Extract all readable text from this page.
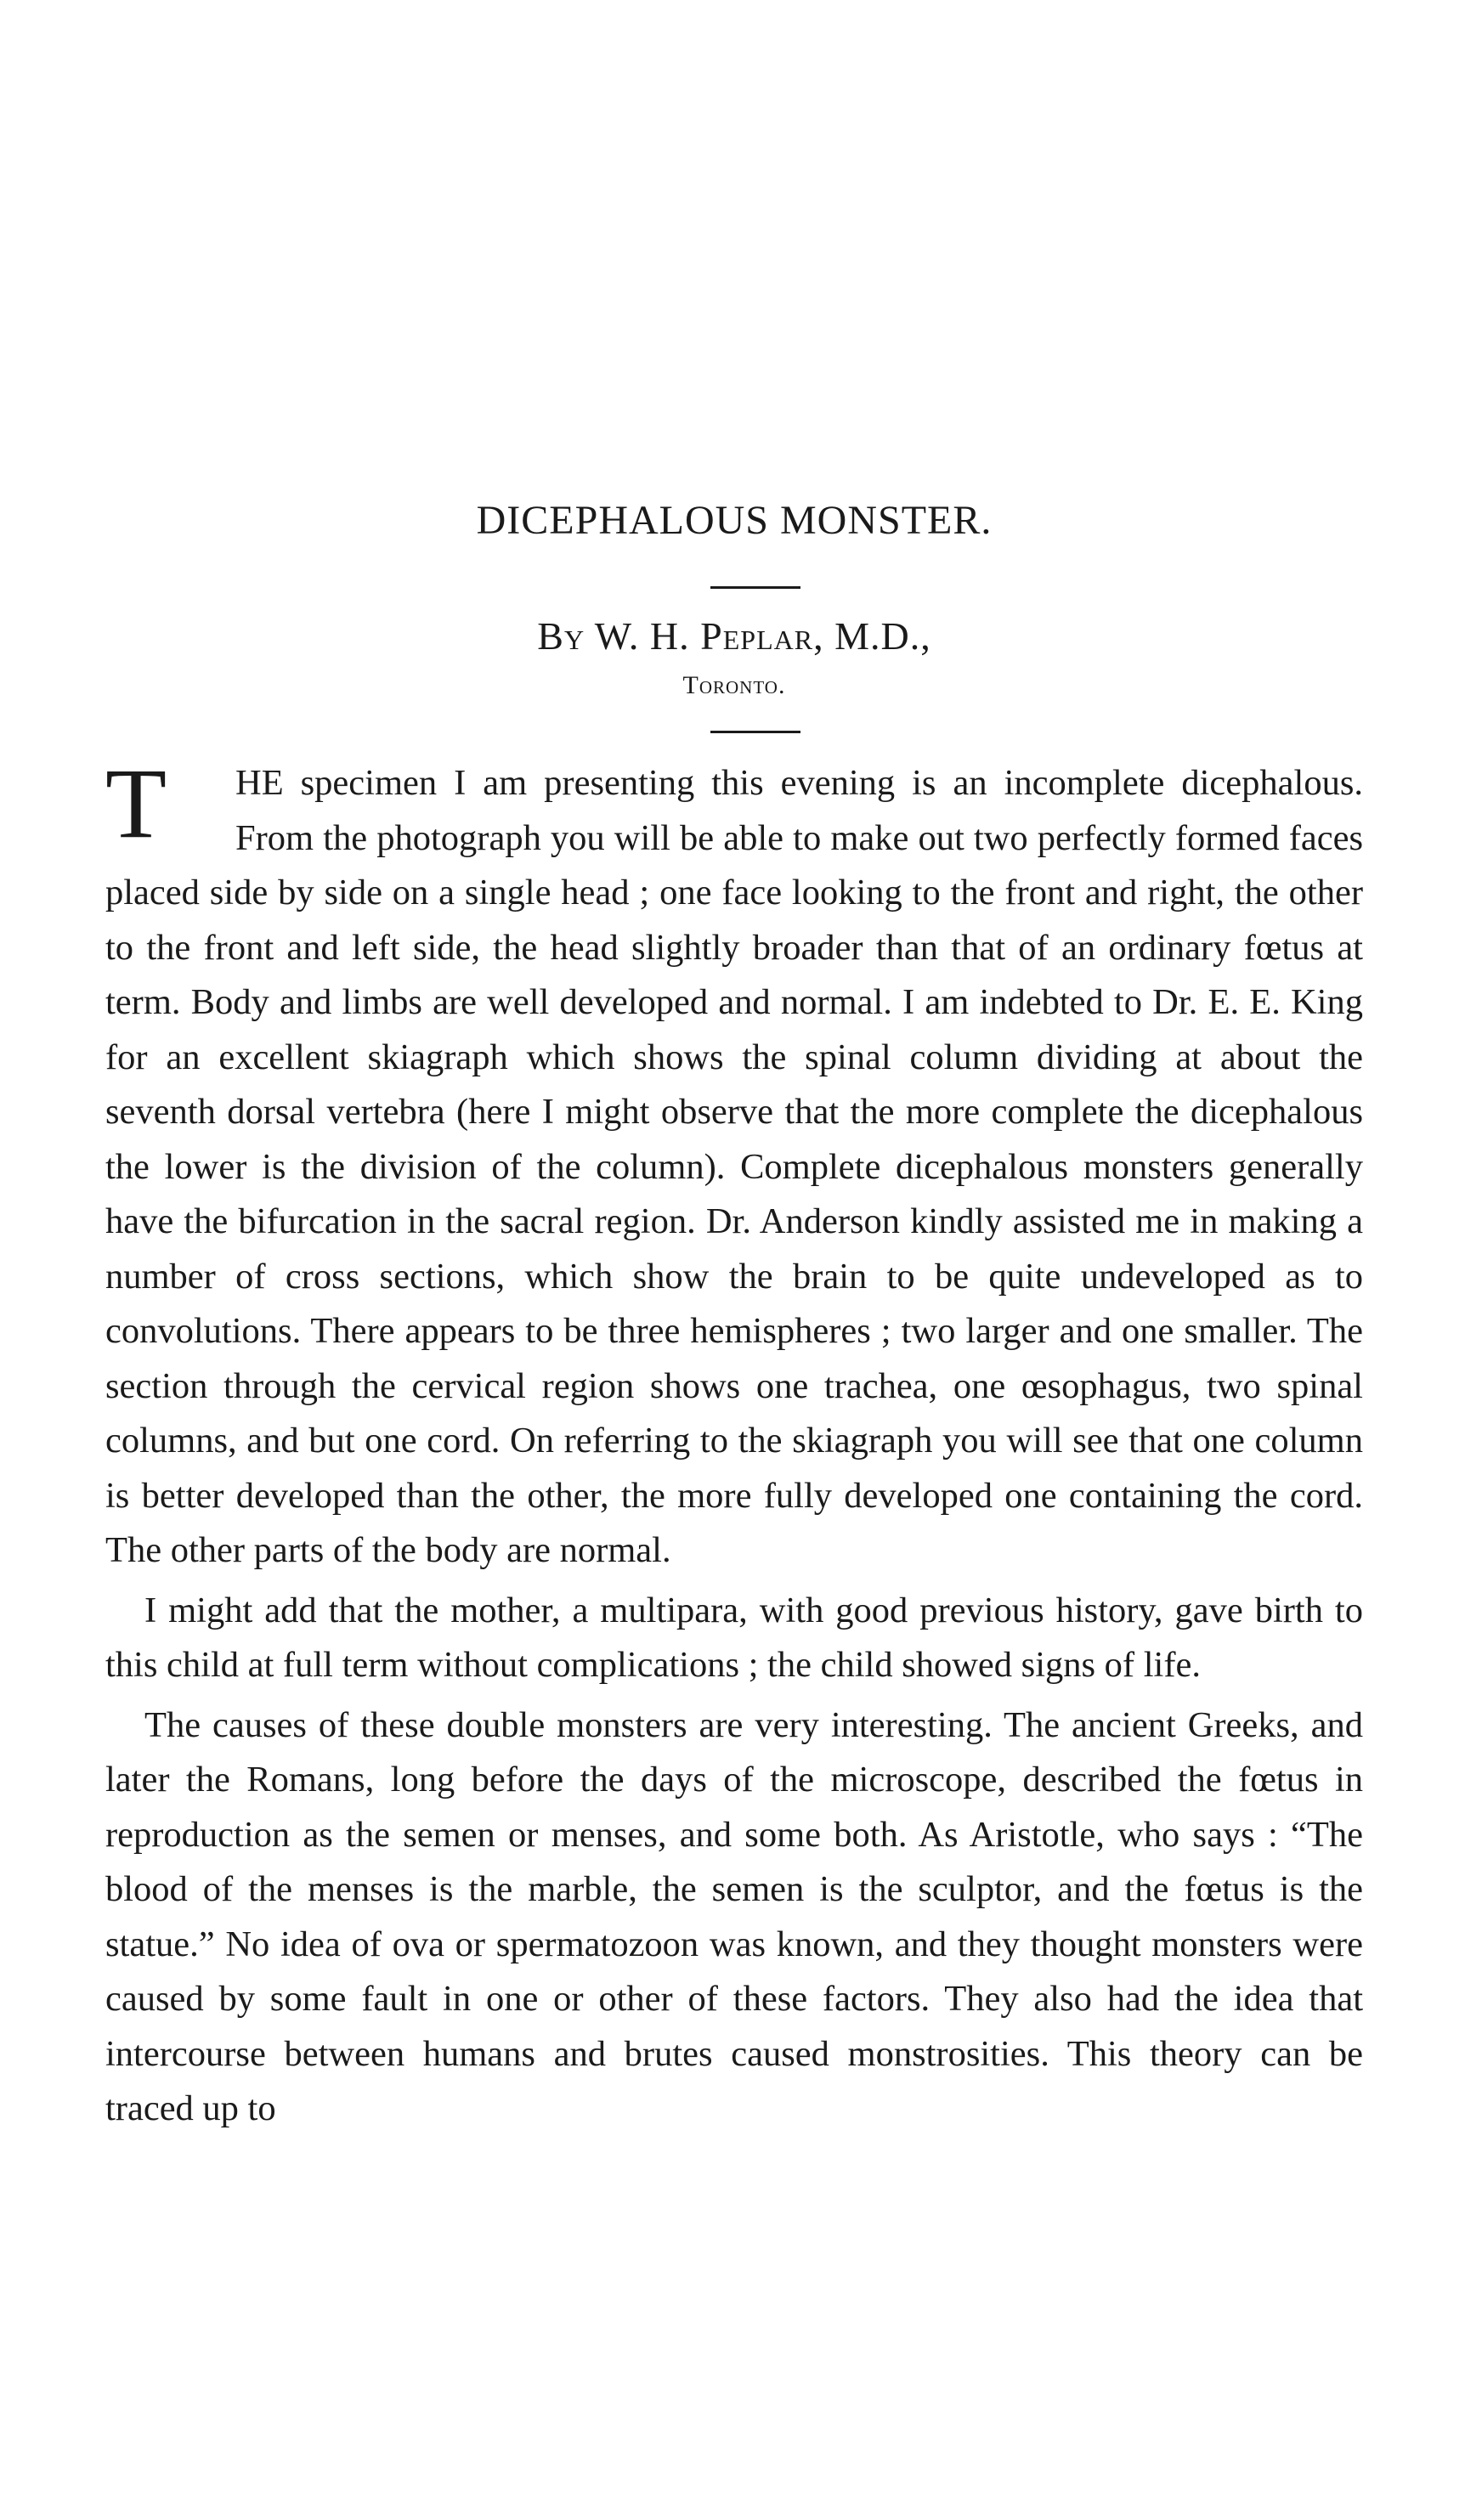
DICEPHALOUS MONSTER.
By W. H. Peplar, M.D.,
Toronto.

T	HE specimen I am presenting this evening is an incomplete dicephalous. From the photograph you will be able to make out two perfectly formed faces placed side by side on a single head ; one face looking to the front and right, the other to the front and left side, the head slightly broader than that of an ordinary fœtus at term. Body and limbs are well developed and normal. I am indebted to Dr. E. E. King for an excellent skiagraph which shows the spinal column dividing at about the seventh dorsal vertebra (here I might observe that the more complete the dicephalous the lower is the division of the column). Complete dicephalous monsters generally have the bifurcation in the sacral region. Dr. Anderson kindly assisted me in making a number of cross sections, which show the brain to be quite undeveloped as to convolutions. There appears to be three hemispheres ; two larger and one smaller. The section through the cervical region shows one trachea, one œsophagus, two spinal columns, and but one cord. On referring to the skiagraph you will see that one column is better developed than the other, the more fully developed one containing the cord. The other parts of the body are normal.

I might add that the mother, a multipara, with good previous history, gave birth to this child at full term without complications ; the child showed signs of life.

The causes of these double monsters are very interesting. The ancient Greeks, and later the Romans, long before the days of the microscope, described the fœtus in reproduction as the semen or menses, and some both. As Aristotle, who says : “The blood of the menses is the marble, the semen is the sculptor, and the fœtus is the statue.” No idea of ova or spermatozoon was known, and they thought monsters were caused by some fault in one or other of these factors. They also had the idea that intercourse between humans and brutes caused monstrosities. This theory can be traced up to
